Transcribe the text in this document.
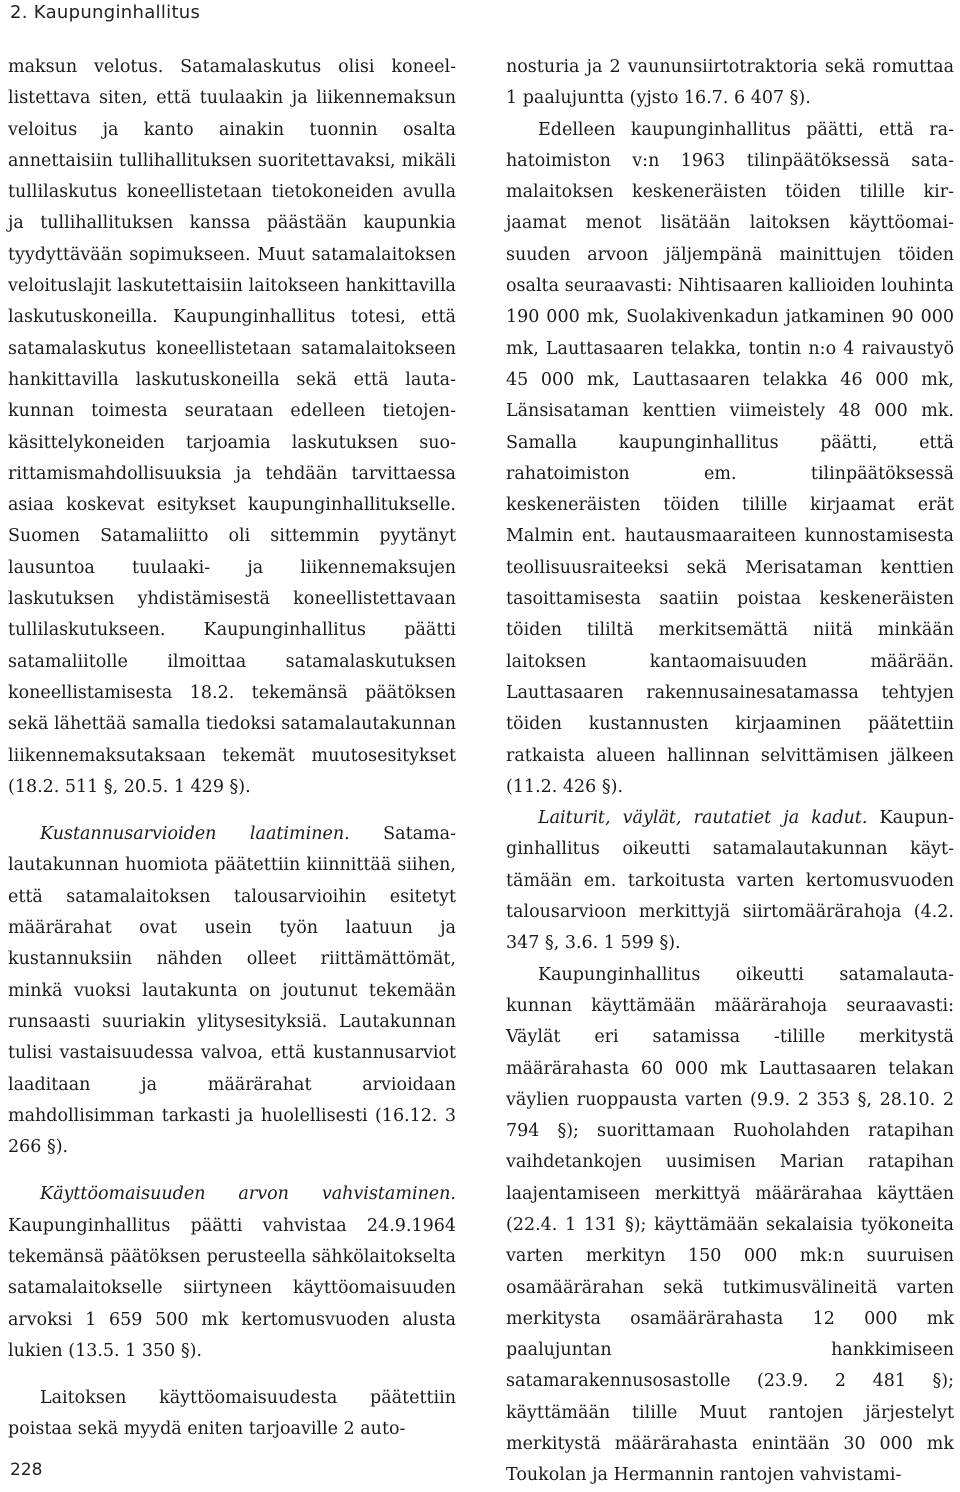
2. Kaupunginhallitus

maksun velotus. Satamalaskutus olisi koneellistettava siten, että tuulaakin ja liikennemaksun veloitus ja kanto ainakin tuonnin osalta annettaisiin tullihallituksen suoritettavaksi, mikäli tullilaskutus koneellistetaan tietokoneiden avulla ja tullihallituksen kanssa päästään kaupunkia tyydyttävään sopimukseen. Muut satamalaitoksen veloituslajit laskutettaisiin laitokseen hankittavilla laskutuskoneilla. Kaupunginhallitus totesi, että satamalaskutus koneellistetaan satamalaitokseen hankittavilla laskutuskoneilla sekä että lautakunnan toimesta seurataan edelleen tietojenkäsittelykoneiden tarjoamia laskutuksen suorittamismahdollisuuksia ja tehdään tarvittaessa asiaa koskevat esitykset kaupunginhallitukselle. Suomen Satamaliitto oli sittemmin pyytänyt lausuntoa tuulaaki- ja liikennemaksujen laskutuksen yhdistämisestä koneellistettavaan tullilaskutukseen. Kaupunginhallitus päätti satamaliitolle ilmoittaa satamalaskutuksen koneellistamisesta 18.2. tekemänsä päätöksen sekä lähettää samalla tiedoksi satamalautakunnan liikennemaksutaksaan tekemät muutosesitykset (18.2. 511 §, 20.5. 1 429 §).

Kustannusarvioiden laatiminen. Satamalautakunnan huomiota päätettiin kiinnittää siihen, että satamalaitoksen talousarvioihin esitetyt määrärahat ovat usein työn laatuun ja kustannuksiin nähden olleet riittämättömät, minkä vuoksi lautakunta on joutunut tekemään runsaasti suuriakin ylitysesityksiä. Lautakunnan tulisi vastaisuudessa valvoa, että kustannusarviot laaditaan ja määrärahat arvioidaan mahdollisimman tarkasti ja huolellisesti (16.12. 3 266 §).

Käyttöomaisuuden arvon vahvistaminen. Kaupunginhallitus päätti vahvistaa 24.9.1964 tekemänsä päätöksen perusteella sähkölaitokselta satamalaitokselle siirtyneen käyttöomaisuuden arvoksi 1 659 500 mk kertomusvuoden alusta lukien (13.5. 1 350 §).

Laitoksen käyttöomaisuudesta päätettiin poistaa sekä myydä eniten tarjoaville 2 auto-

nosturia ja 2 vaununsiirtotraktoria sekä romuttaa 1 paalujuntta (yjsto 16.7. 6 407 §).

Edelleen kaupunginhallitus päätti, että rahatoimiston v:n 1963 tilinpäätöksessä satamalaitoksen keskeneräisten töiden tilille kirjaamat menot lisätään laitoksen käyttöomaisuuden arvoon jäljempänä mainittujen töiden osalta seuraavasti: Nihtisaaren kallioiden louhinta 190 000 mk, Suolakivenkadun jatkaminen 90 000 mk, Lauttasaaren telakka, tontin n:o 4 raivaustyö 45 000 mk, Lauttasaaren telakka 46 000 mk, Länsisataman kenttien viimeistely 48 000 mk. Samalla kaupunginhallitus päätti, että rahatoimiston em. tilinpäätöksessä keskeneräisten töiden tilille kirjaamat erät Malmin ent. hautausmaaraiteen kunnostamisesta teollisuusraiteeksi sekä Merisataman kenttien tasoittamisesta saatiin poistaa keskeneräisten töiden tililtä merkitsemättä niitä minkään laitoksen kantaomaisuuden määrään. Lauttasaaren rakennusainesatamassa tehtyjen töiden kustannusten kirjaaminen päätettiin ratkaista alueen hallinnan selvittämisen jälkeen (11.2. 426 §).

Laiturit, väylät, rautatiet ja kadut. Kaupunginhallitus oikeutti satamalautakunnan käyttämään em. tarkoitusta varten kertomusvuoden talousarvioon merkittyjä siirtomäärärahoja (4.2. 347 §, 3.6. 1 599 §).

Kaupunginhallitus oikeutti satamalautakunnan käyttämään määrärahoja seuraavasti: Väylät eri satamissa -tilille merkitystä määrärahasta 60 000 mk Lauttasaaren telakan väylien ruoppausta varten (9.9. 2 353 §, 28.10. 2 794 §); suorittamaan Ruoholahden ratapihan vaihdetankojen uusimisen Marian ratapihan laajentamiseen merkittyä määrärahaa käyttäen (22.4. 1 131 §); käyttämään sekalaisia työkoneita varten merkityn 150 000 mk:n suuruisen osamäärärahan sekä tutkimusvälineitä varten merkitysta osamäärärahasta 12 000 mk paalujuntan hankkimiseen satamarakennusosastolle (23.9. 2 481 §); käyttämään tilille Muut rantojen järjestelyt merkitystä määrärahasta enintään 30 000 mk Toukolan ja Hermannin rantojen vahvistami-

228
